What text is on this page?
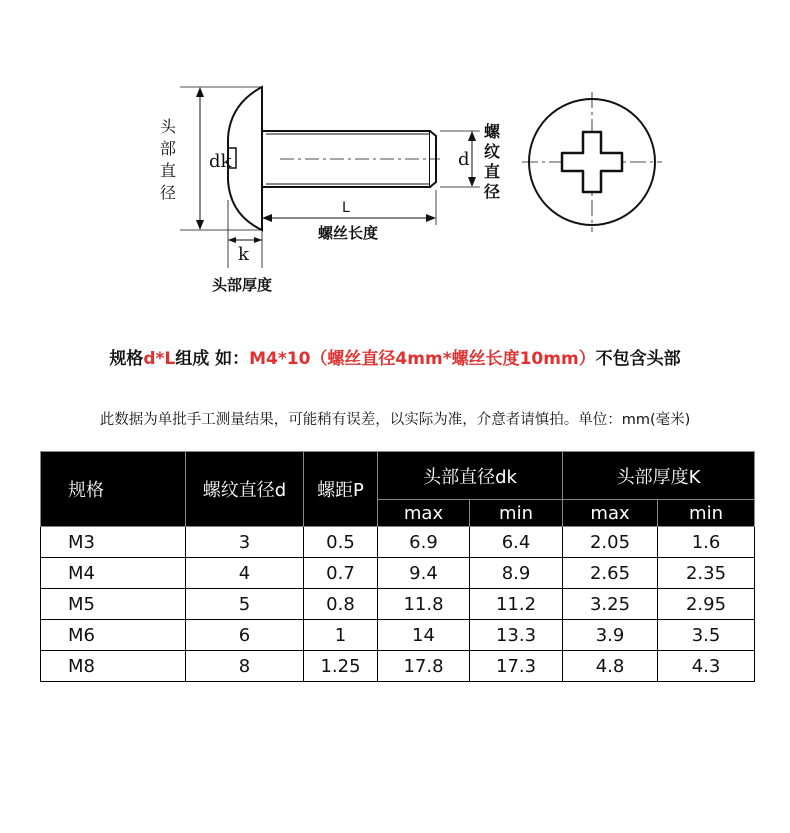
头
部
直
径
dk
k
头部厚度
L
螺丝长度
d
螺
纹
直
径
规格d*L组成 如：M4*10（螺丝直径4mm*螺丝长度10mm）不包含头部
此数据为单批手工测量结果，可能稍有误差，以实际为准，介意者请慎拍。单位：mm(毫米)
规格	螺纹直径d	螺距P	头部直径dk		头部厚度K	
			max	min	max	min
M3	3	0.5	6.9	6.4	2.05	1.6
M4	4	0.7	9.4	8.9	2.65	2.35
M5	5	0.8	11.8	11.2	3.25	2.95
M6	6	1	14	13.3	3.9	3.5
M8	8	1.25	17.8	17.3	4.8	4.3
